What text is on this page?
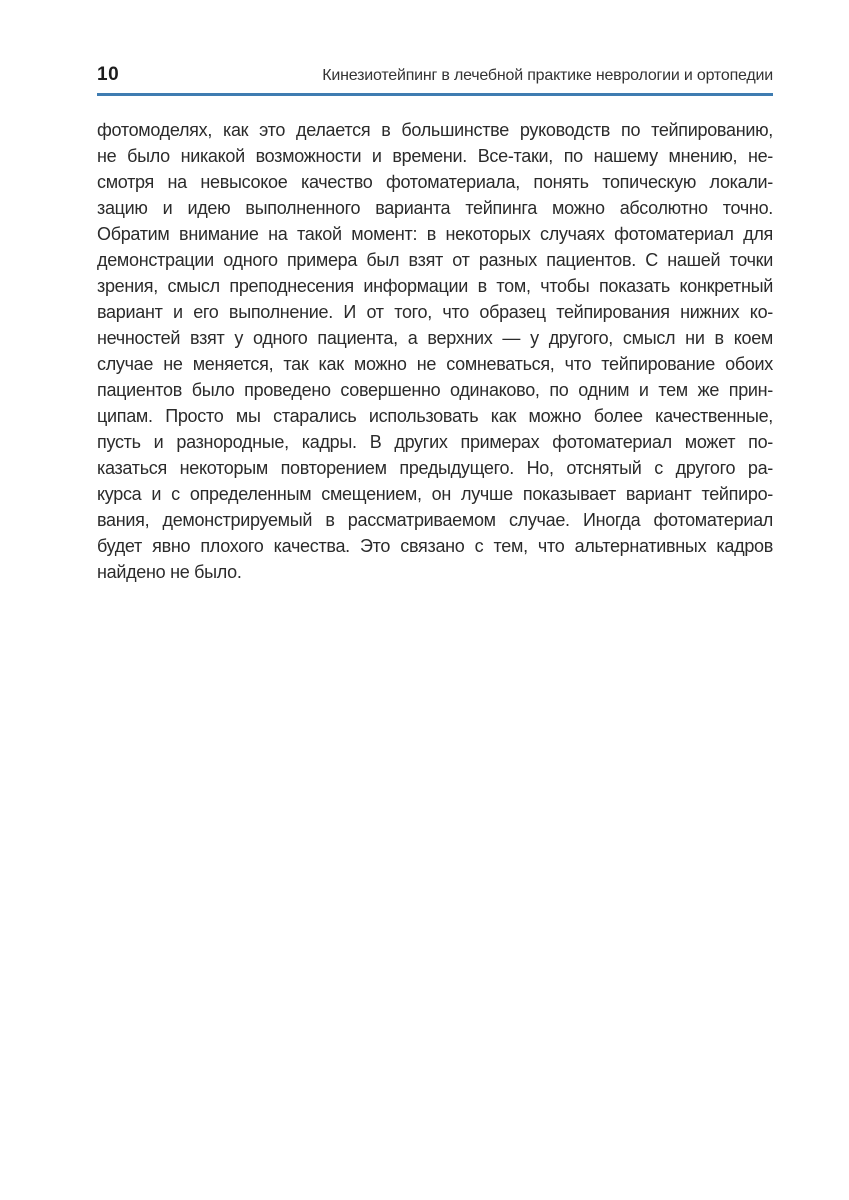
10	Кинезиотейпинг в лечебной практике неврологии и ортопедии
фотомоделях, как это делается в большинстве руководств по тейпированию,
не было никакой возможности и времени. Все-таки, по нашему мнению, не-
смотря на невысокое качество фотоматериала, понять топическую локали-
зацию и идею выполненного варианта тейпинга можно абсолютно точно.
Обратим внимание на такой момент: в некоторых случаях фотоматериал для
демонстрации одного примера был взят от разных пациентов. С нашей точки
зрения, смысл преподнесения информации в том, чтобы показать конкретный
вариант и его выполнение. И от того, что образец тейпирования нижних ко-
нечностей взят у одного пациента, а верхних — у другого, смысл ни в коем
случае не меняется, так как можно не сомневаться, что тейпирование обоих
пациентов было проведено совершенно одинаково, по одним и тем же прин-
ципам. Просто мы старались использовать как можно более качественные,
пусть и разнородные, кадры. В других примерах фотоматериал может по-
казаться некоторым повторением предыдущего. Но, отснятый с другого ра-
курса и с определенным смещением, он лучше показывает вариант тейпиро-
вания, демонстрируемый в рассматриваемом случае. Иногда фотоматериал
будет явно плохого качества. Это связано с тем, что альтернативных кадров
найдено не было.
